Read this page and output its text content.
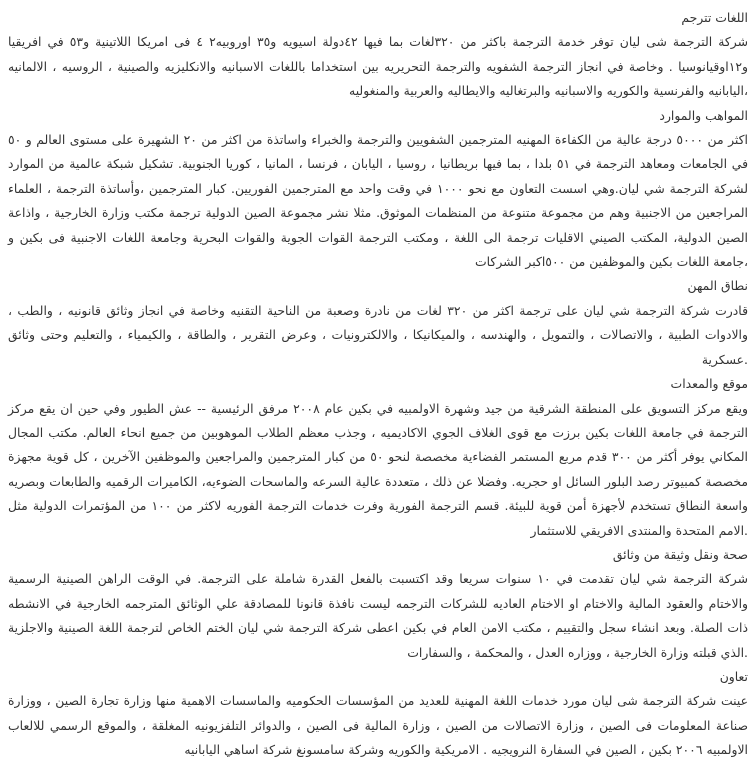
اللغات تترجم
شركة الترجمة شى ليان توفر خدمة الترجمة باكثر من ٣٢٠لغات بما فيها ٤٢دولة اسيويه و٣٥ اوروبيه٢ ٤ فى امريكا اللاتينية و٥٣ في افريقيا و١٢اوقيانوسيا . وخاصة في انجاز الترجمة الشفويه والترجمة التحريريه بين استخداما باللغات الاسبانيه والانكليزيه والصينية ، الروسيه ، الالمانيه ،اليابانيه والفرنسية والكوريه والاسبانيه والبرتغاليه والايطاليه والعربية والمنغوليه
المواهب والموارد
اكثر من ٥٠٠٠ درجة عالية من الكفاءة المهنيه المترجمين الشفويين والترجمة والخبراء واساتذة من اكثر من ٢٠ الشهيرة على مستوى العالم و ٥٠ في الجامعات ومعاهد الترجمة في ٥١ بلدا ، بما فيها بريطانيا ، روسيا ، اليابان ، فرنسا ، المانيا ، كوريا الجنوبية. تشكيل شبكة عالمية من الموارد لشركة الترجمة شي ليان.وهي اسست التعاون مع نحو ١٠٠٠ في وقت واحد مع المترجمين الفوريين. كبار المترجمين ،وأساتذة الترجمة ، العلماء المراجعين من الاجنبية وهم من مجموعة متنوعة من المنظمات الموثوق. مثلا نشر مجموعة الصين الدولية ترجمة مكتب وزارة الخارجية ، واذاعة الصين الدولية، المكتب الصيني الاقليات ترجمة الى اللغة ، ومكتب الترجمة القوات الجوية والقوات البحرية وجامعة اللغات الاجنبية فى بكين و ،جامعة اللغات بكين والموظفين من ٥٠٠اكبر الشركات
نطاق المهن
قادرت شركة الترجمة شي ليان على ترجمة اكثر من ٣٢٠ لغات من نادرة وصعبة من الناحية التقنيه وخاصة في انجاز وثائق قانونيه ، والطب ، والادوات الطبية ، والاتصالات ، والتمويل ، والهندسه ، والميكانيكا ، والالكترونيات ، وعرض التقرير ، والطاقة ، والكيمياء ، والتعليم وحتى وثائق .عسكرية
موقع والمعدات
ويقع مركز التسويق على المنطقة الشرقية من جيد وشهرة الاولمبيه في بكين عام ٢٠٠٨ مرفق الرئيسية -- عش الطيور وفي حين ان يقع مركز الترجمة في جامعة اللغات بكين برزت مع قوى الغلاف الجوي الاكاديميه ، وجذب معظم الطلاب الموهوبين من جميع انحاء العالم. مكتب المجال المكاني يوفر أكثر من ٣٠٠ قدم مربع المستمر الفضاءية مخصصة لنحو ٥٠ من كبار المترجمين والمراجعين والموظفين الآخرين ، كل قوية مجهزة مخصصة كمبيوتر رصد البلور السائل او حجريه. وفضلا عن ذلك ، متعددة عالية السرعه والماسحات الضوءيه، الكاميرات الرقميه والطابعات وبصريه واسعة النطاق تستخدم لأجهزة أمن قوية للبيئة. قسم الترجمة الفورية وفرت خدمات الترجمة الفوريه لاكثر من ١٠٠ من المؤتمرات الدولية مثل .الامم المتحدة والمنتدى الافريقي للاستثمار
صحة ونقل وثيقة من وثائق
شركة الترجمة شي ليان تقدمت في ١٠ سنوات سريعا وقد اكتسبت بالفعل القدرة شاملة على الترجمة. في الوقت الراهن الصينية الرسمية والاختام والعقود المالية والاختام او الاختام العاديه للشركات الترجمه ليست نافذة قانونا للمصادقة علي الوثائق المترجمه الخارجية في الانشطه ذات الصلة. وبعد انشاء سجل والتقييم ، مكتب الامن العام في بكين اعطى شركة الترجمة شي ليان الختم الخاص لترجمة اللغة الصينية والاجلزية .الذي قبلته وزارة الخارجية ، ووزاره العدل ، والمحكمة ، والسفارات
تعاون
عينت شركة الترجمة شى ليان مورد خدمات اللغة المهنية للعديد من المؤسسات الحكوميه والماسسات الاهمية منها وزارة تجارة الصين ، ووزارة صناعة المعلومات فى الصين ، وزارة الاتصالات من الصين ، وزارة المالية فى الصين ، والدوائر التلفزيونيه المغلقة ، والموقع الرسمي للالعاب الاولمبيه ٢٠٠٦ بكين ، الصين في السفارة النرويجيه . الامريكية والكوريه وشركة سامسونغ شركة اساهي اليابانيه
